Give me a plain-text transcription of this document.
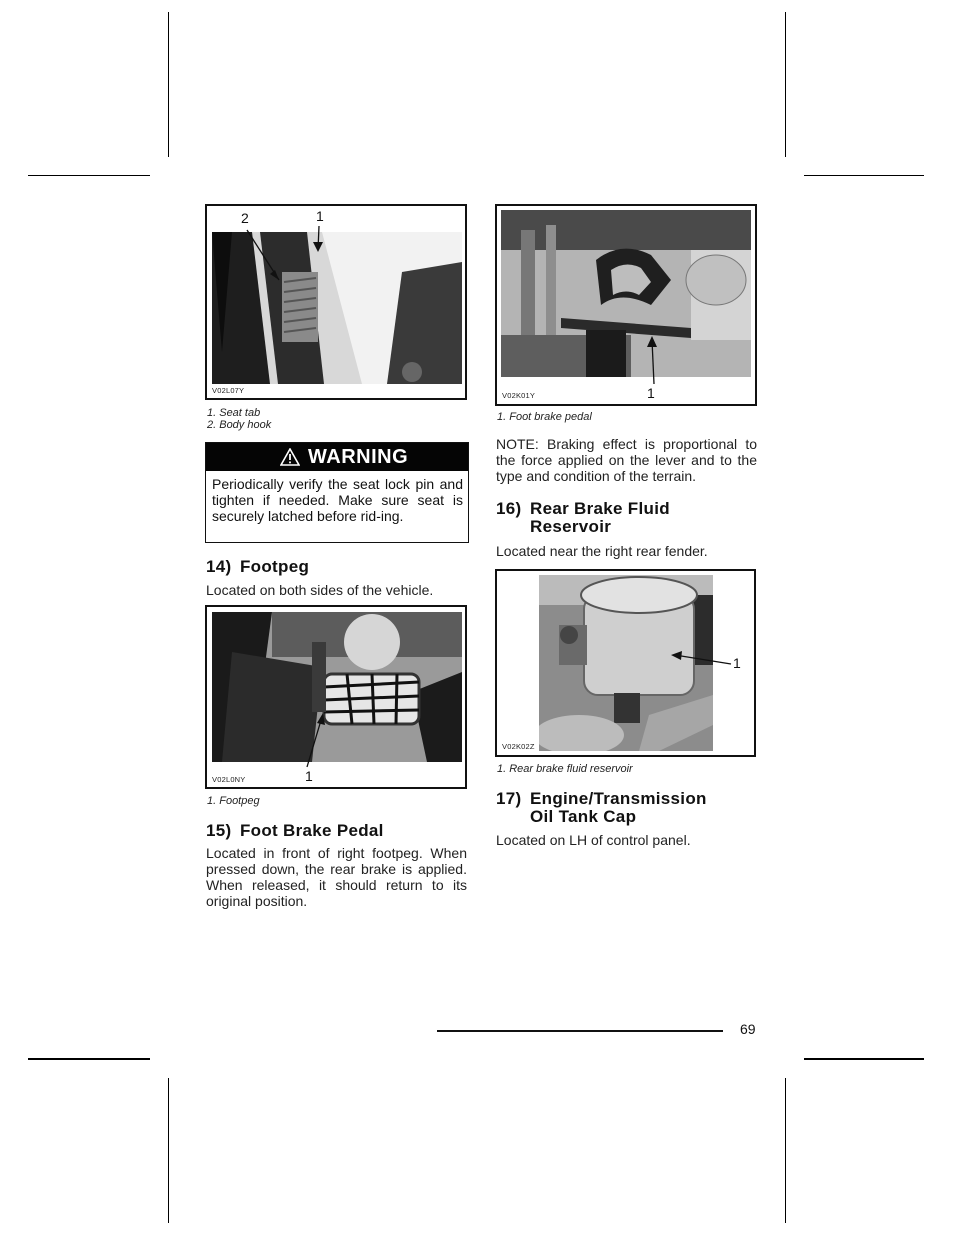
2	1
V02L07Y
1. Seat tab
2. Body hook
WARNING
Periodically verify the seat lock pin and tighten if needed. Make sure seat is securely latched before rid-ing.
14) Footpeg
Located on both sides of the vehicle.
1
V02L0NY
1. Footpeg
15) Foot Brake Pedal
Located in front of right footpeg. When pressed down, the rear brake is applied. When released, it should return to its original position.
1
V02K01Y
1. Foot brake pedal
NOTE: Braking effect is proportional to the force applied on the lever and to the type and condition of the terrain.
16) Rear Brake Fluid
Reservoir
Located near the right rear fender.
1
V02K02Z
1. Rear brake fluid reservoir
17) Engine/Transmission
Oil Tank Cap
Located on LH of control panel.
69
